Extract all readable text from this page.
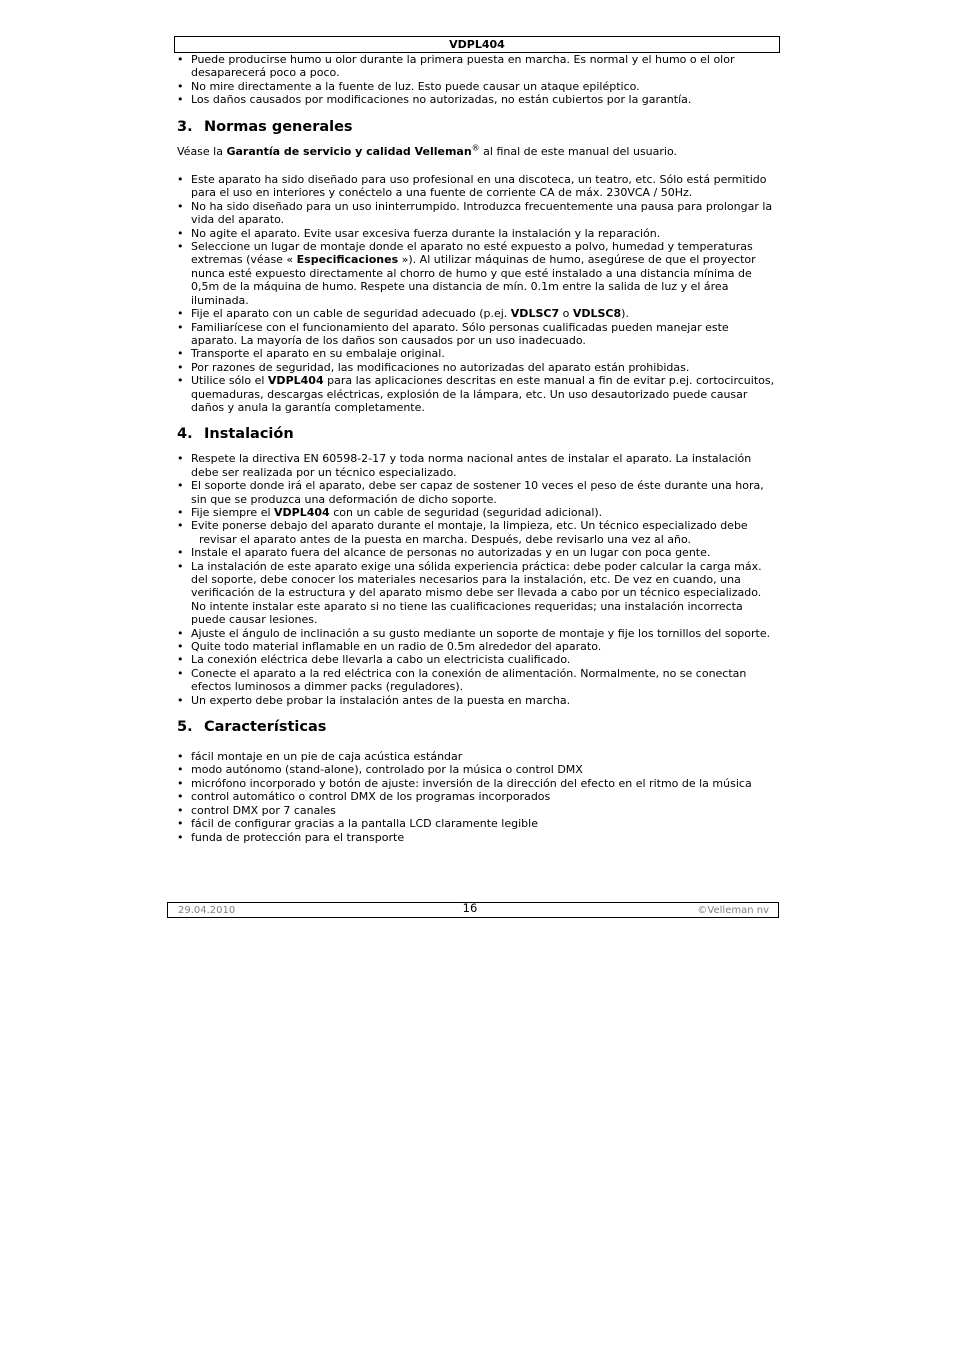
VDPL404
• Puede producirse humo u olor durante la primera puesta en marcha. Es normal y el humo o el olor desaparecerá poco a poco.
• No mire directamente a la fuente de luz. Esto puede causar un ataque epiléptico.
• Los daños causados por modificaciones no autorizadas, no están cubiertos por la garantía.
3. Normas generales

Véase la Garantía de servicio y calidad Velleman® al final de este manual del usuario.

• Este aparato ha sido diseñado para uso profesional en una discoteca, un teatro, etc. Sólo está permitido para el uso en interiores y conéctelo a una fuente de corriente CA de máx. 230VCA / 50Hz.
• No ha sido diseñado para un uso ininterrumpido. Introduzca frecuentemente una pausa para prolongar la vida del aparato.
• No agite el aparato. Evite usar excesiva fuerza durante la instalación y la reparación.
• Seleccione un lugar de montaje donde el aparato no esté expuesto a polvo, humedad y temperaturas extremas (véase « Especificaciones »). Al utilizar máquinas de humo, asegúrese de que el proyector nunca esté expuesto directamente al chorro de humo y que esté instalado a una distancia mínima de 0,5m de la máquina de humo. Respete una distancia de mín. 0.1m entre la salida de luz y el área iluminada.
• Fije el aparato con un cable de seguridad adecuado (p.ej. VDLSC7 o VDLSC8).
• Familiarícese con el funcionamiento del aparato. Sólo personas cualificadas pueden manejar este aparato. La mayoría de los daños son causados por un uso inadecuado.
• Transporte el aparato en su embalaje original.
• Por razones de seguridad, las modificaciones no autorizadas del aparato están prohibidas.
• Utilice sólo el VDPL404 para las aplicaciones descritas en este manual a fin de evitar p.ej. cortocircuitos, quemaduras, descargas eléctricas, explosión de la lámpara, etc. Un uso desautorizado puede causar daños y anula la garantía completamente.
4. Instalación
• Respete la directiva EN 60598-2-17 y toda norma nacional antes de instalar el aparato. La instalación debe ser realizada por un técnico especializado.
• El soporte donde irá el aparato, debe ser capaz de sostener 10 veces el peso de éste durante una hora, sin que se produzca una deformación de dicho soporte.
• Fije siempre el VDPL404 con un cable de seguridad (seguridad adicional).
• Evite ponerse debajo del aparato durante el montaje, la limpieza, etc. Un técnico especializado debe
revisar el aparato antes de la puesta en marcha. Después, debe revisarlo una vez al año.
• Instale el aparato fuera del alcance de personas no autorizadas y en un lugar con poca gente.
• La instalación de este aparato exige una sólida experiencia práctica: debe poder calcular la carga máx. del soporte, debe conocer los materiales necesarios para la instalación, etc. De vez en cuando, una verificación de la estructura y del aparato mismo debe ser llevada a cabo por un técnico especializado. No intente instalar este aparato si no tiene las cualificaciones requeridas; una instalación incorrecta puede causar lesiones.
• Ajuste el ángulo de inclinación a su gusto mediante un soporte de montaje y fije los tornillos del soporte.
• Quite todo material inflamable en un radio de 0.5m alrededor del aparato.
• La conexión eléctrica debe llevarla a cabo un electricista cualificado.
• Conecte el aparato a la red eléctrica con la conexión de alimentación. Normalmente, no se conectan efectos luminosos a dimmer packs (reguladores).
• Un experto debe probar la instalación antes de la puesta en marcha.
5. Características
• fácil montaje en un pie de caja acústica estándar
• modo autónomo (stand-alone), controlado por la música o control DMX
• micrófono incorporado y botón de ajuste: inversión de la dirección del efecto en el ritmo de la música
• control automático o control DMX de los programas incorporados
• control DMX por 7 canales
• fácil de configurar gracias a la pantalla LCD claramente legible
• funda de protección para el transporte
29.04.2010	16	©Velleman nv
